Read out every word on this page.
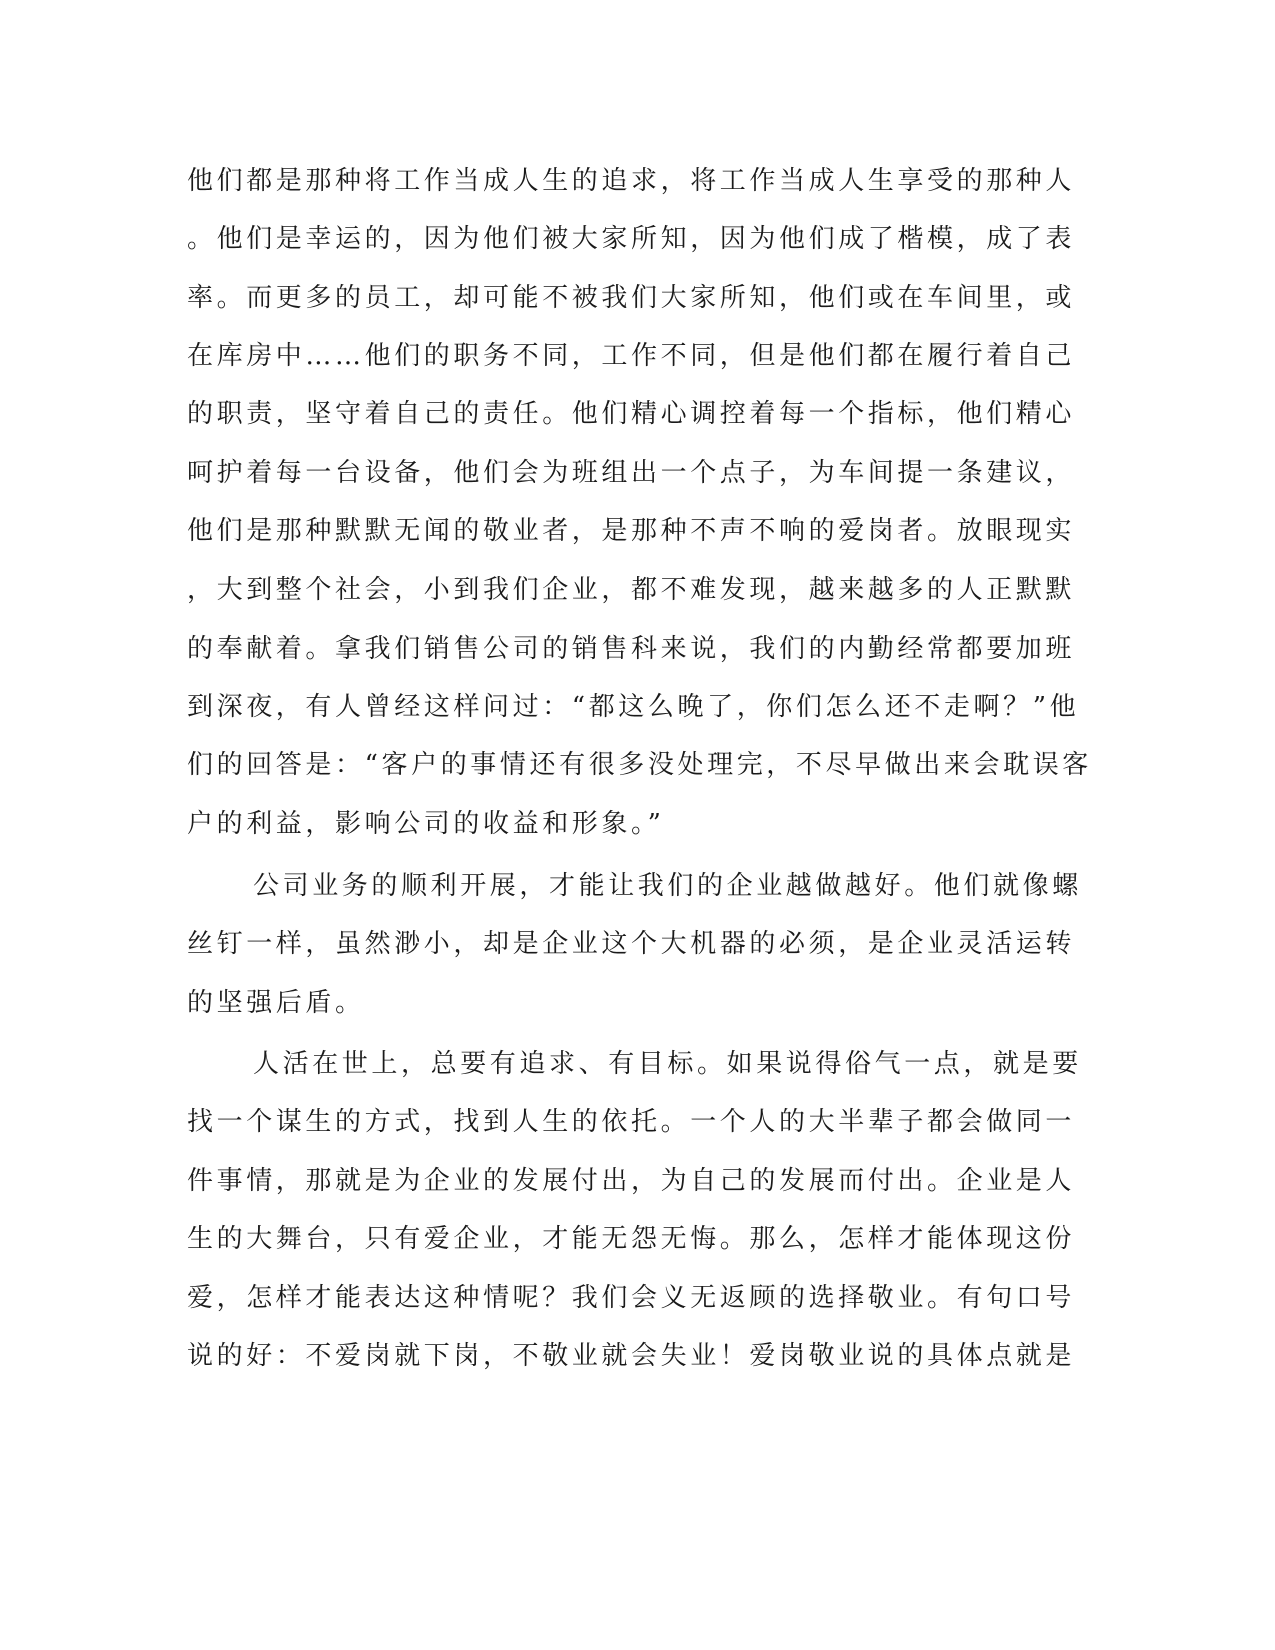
他们都是那种将工作当成人生的追求，将工作当成人生享受的那种人
。他们是幸运的，因为他们被大家所知，因为他们成了楷模，成了表
率。而更多的员工，却可能不被我们大家所知，他们或在车间里，或
在库房中……他们的职务不同，工作不同，但是他们都在履行着自己
的职责，坚守着自己的责任。他们精心调控着每一个指标，他们精心
呵护着每一台设备，他们会为班组出一个点子，为车间提一条建议，
他们是那种默默无闻的敬业者，是那种不声不响的爱岗者。放眼现实
，大到整个社会，小到我们企业，都不难发现，越来越多的人正默默
的奉献着。拿我们销售公司的销售科来说，我们的内勤经常都要加班
到深夜，有人曾经这样问过：“都这么晚了，你们怎么还不走啊？”他
们的回答是：“客户的事情还有很多没处理完，不尽早做出来会耽误客
户的利益，影响公司的收益和形象。”
公司业务的顺利开展，才能让我们的企业越做越好。他们就像螺
丝钉一样，虽然渺小，却是企业这个大机器的必须，是企业灵活运转
的坚强后盾。
人活在世上，总要有追求、有目标。如果说得俗气一点，就是要
找一个谋生的方式，找到人生的依托。一个人的大半辈子都会做同一
件事情，那就是为企业的发展付出，为自己的发展而付出。企业是人
生的大舞台，只有爱企业，才能无怨无悔。那么，怎样才能体现这份
爱，怎样才能表达这种情呢？我们会义无返顾的选择敬业。有句口号
说的好：不爱岗就下岗，不敬业就会失业！爱岗敬业说的具体点就是
